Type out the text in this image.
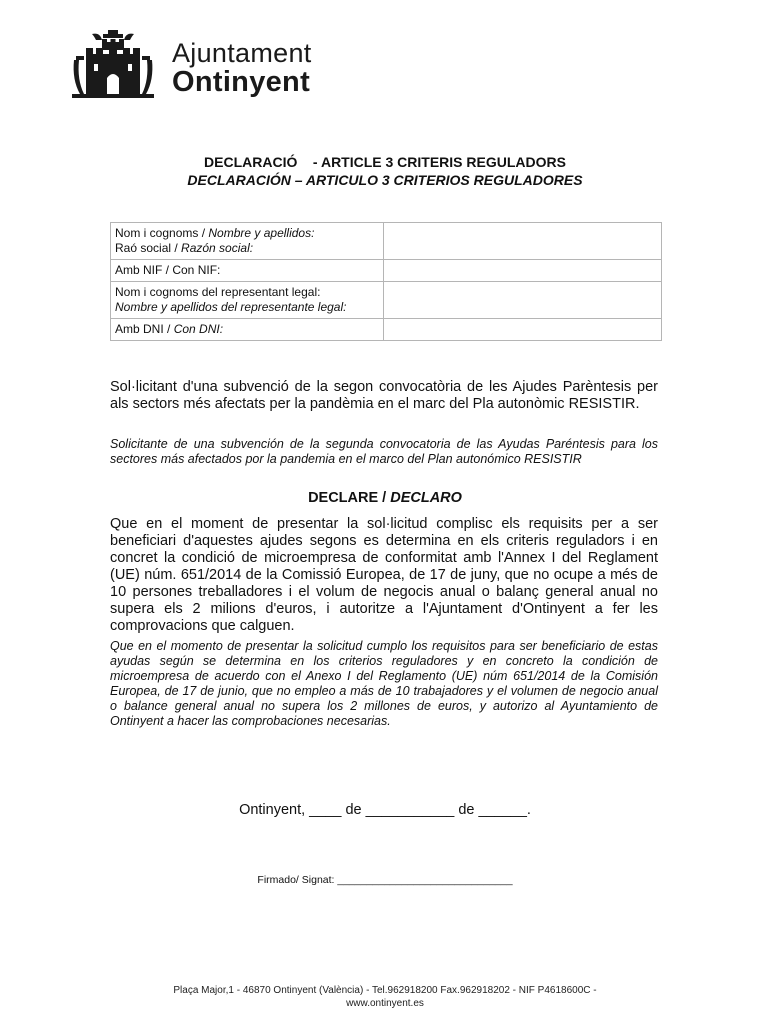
Ajuntament
Ontinyent
DECLARACIÓ    - ARTICLE 3 CRITERIS REGULADORS
DECLARACIÓN – ARTICULO 3 CRITERIOS REGULADORES
Nom i cognoms / Nombre y apellidos:
Raó social / Razón social:	
Amb NIF / Con NIF:	
Nom i cognoms del representant legal:
Nombre y apellidos del representante legal:	
Amb DNI / Con DNI:	
Sol·licitant d'una subvenció de la segon convocatòria de les Ajudes Parèntesis per als sectors més afectats per la pandèmia en el marc del Pla autonòmic RESISTIR.
Solicitante de una subvención de la segunda convocatoria de las Ayudas Paréntesis para los sectores más afectados por la pandemia en el marco del Plan autonómico RESISTIR
DECLARE / DECLARO
Que en el moment de presentar la sol·licitud complisc els requisits per a ser beneficiari d'aquestes ajudes segons es determina en els criteris reguladors i en concret la condició de microempresa de conformitat amb l'Annex I del Reglament (UE) núm. 651/2014 de la Comissió Europea, de 17 de juny, que no ocupe a més de 10 persones treballadores i el volum de negocis anual o balanç general anual no supera els 2 milions d'euros, i autoritze a l'Ajuntament d'Ontinyent a fer les comprovacions que calguen.
Que en el momento de presentar la solicitud cumplo los requisitos para ser beneficiario de estas ayudas según se determina en los criterios reguladores y en concreto la condición de microempresa de acuerdo con el Anexo I del Reglamento (UE) núm 651/2014 de la Comisión Europea, de 17 de junio, que no empleo a más de 10 trabajadores y el volumen de negocio anual o balance general anual no supera los 2 millones de euros, y autorizo al Ayuntamiento de Ontinyent a hacer las comprobaciones necesarias.
Ontinyent, ____ de ___________ de ______.
Firmado/ Signat: ______________________________
Plaça Major,1 - 46870 Ontinyent (València) - Tel.962918200 Fax.962918202 - NIF P4618600C -
www.ontinyent.es
